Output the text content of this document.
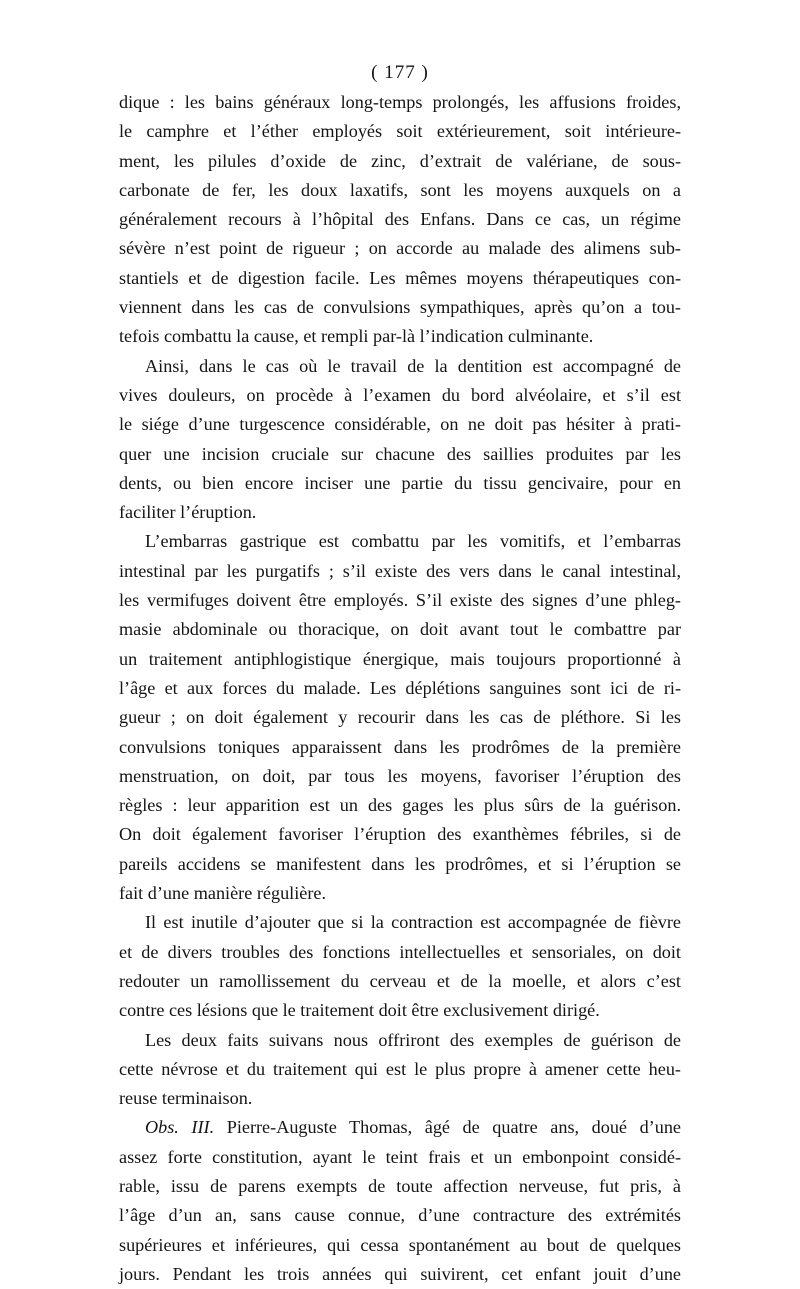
( 177 )
dique : les bains généraux long-temps prolongés, les affusions froides,
le camphre et l’éther employés soit extérieurement, soit intérieure-
ment, les pilules d’oxide de zinc, d’extrait de valériane, de sous-
carbonate de fer, les doux laxatifs, sont les moyens auxquels on a
généralement recours à l’hôpital des Enfans. Dans ce cas, un régime
sévère n’est point de rigueur ; on accorde au malade des alimens sub-
stantiels et de digestion facile. Les mêmes moyens thérapeutiques con-
viennent dans les cas de convulsions sympathiques, après qu’on a tou-
tefois combattu la cause, et rempli par-là l’indication culminante.
Ainsi, dans le cas où le travail de la dentition est accompagné de
vives douleurs, on procède à l’examen du bord alvéolaire, et s’il est
le siége d’une turgescence considérable, on ne doit pas hésiter à prati-
quer une incision cruciale sur chacune des saillies produites par les
dents, ou bien encore inciser une partie du tissu gencivaire, pour en
faciliter l’éruption.
L’embarras gastrique est combattu par les vomitifs, et l’embarras
intestinal par les purgatifs ; s’il existe des vers dans le canal intestinal,
les vermifuges doivent être employés. S’il existe des signes d’une phleg-
masie abdominale ou thoracique, on doit avant tout le combattre par
un traitement antiphlogistique énergique, mais toujours proportionné à
l’âge et aux forces du malade. Les déplétions sanguines sont ici de ri-
gueur ; on doit également y recourir dans les cas de pléthore. Si les
convulsions toniques apparaissent dans les prodrômes de la première
menstruation, on doit, par tous les moyens, favoriser l’éruption des
règles : leur apparition est un des gages les plus sûrs de la guérison.
On doit également favoriser l’éruption des exanthèmes fébriles, si de
pareils accidens se manifestent dans les prodrômes, et si l’éruption se
fait d’une manière régulière.
Il est inutile d’ajouter que si la contraction est accompagnée de fièvre
et de divers troubles des fonctions intellectuelles et sensoriales, on doit
redouter un ramollissement du cerveau et de la moelle, et alors c’est
contre ces lésions que le traitement doit être exclusivement dirigé.
Les deux faits suivans nous offriront des exemples de guérison de
cette névrose et du traitement qui est le plus propre à amener cette heu-
reuse terminaison.
Obs. III. Pierre-Auguste Thomas, âgé de quatre ans, doué d’une
assez forte constitution, ayant le teint frais et un embonpoint considé-
rable, issu de parens exempts de toute affection nerveuse, fut pris, à
l’âge d’un an, sans cause connue, d’une contracture des extrémités
supérieures et inférieures, qui cessa spontanément au bout de quelques
jours. Pendant les trois années qui suivirent, cet enfant jouit d’une
